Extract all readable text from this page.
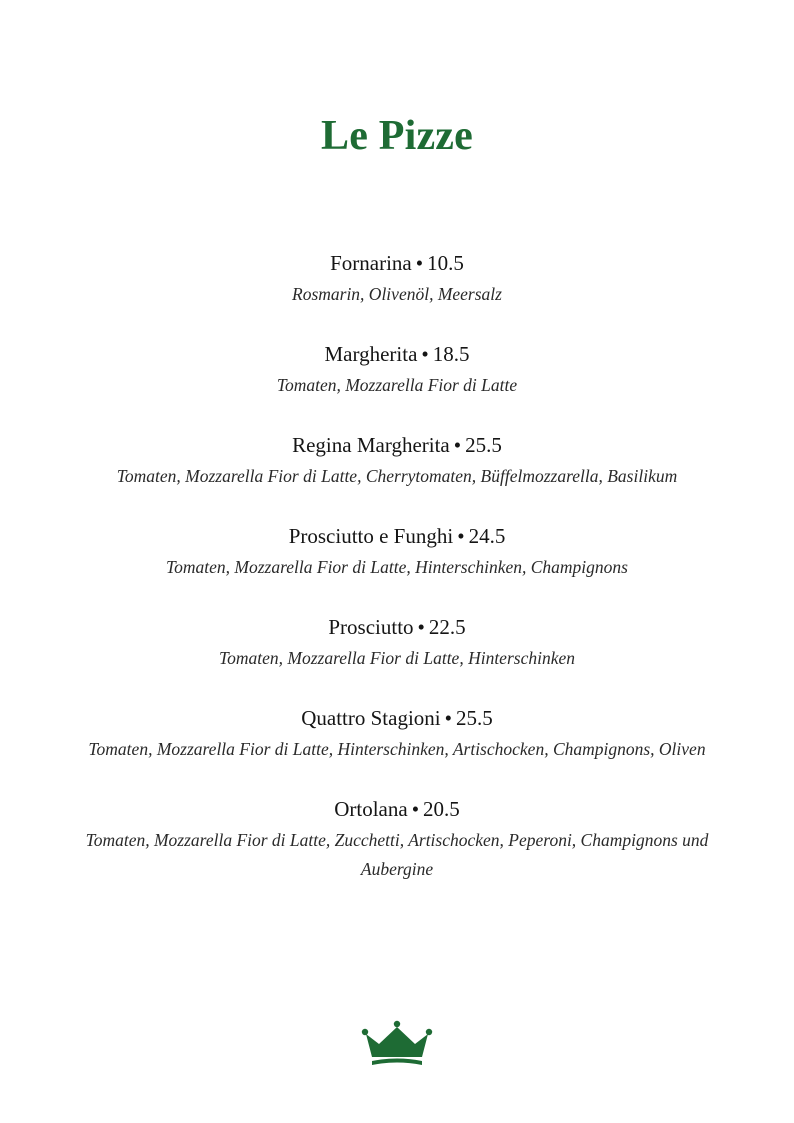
Le Pizze
Fornarina • 10.5
Rosmarin, Olivenöl, Meersalz
Margherita • 18.5
Tomaten, Mozzarella Fior di Latte
Regina Margherita • 25.5
Tomaten, Mozzarella Fior di Latte, Cherrytomaten, Büffelmozzarella, Basilikum
Prosciutto e Funghi • 24.5
Tomaten, Mozzarella Fior di Latte, Hinterschinken, Champignons
Prosciutto • 22.5
Tomaten, Mozzarella Fior di Latte, Hinterschinken
Quattro Stagioni • 25.5
Tomaten, Mozzarella Fior di Latte, Hinterschinken, Artischocken, Champignons, Oliven
Ortolana • 20.5
Tomaten, Mozzarella Fior di Latte, Zucchetti, Artischocken, Peperoni, Champignons und Aubergine
